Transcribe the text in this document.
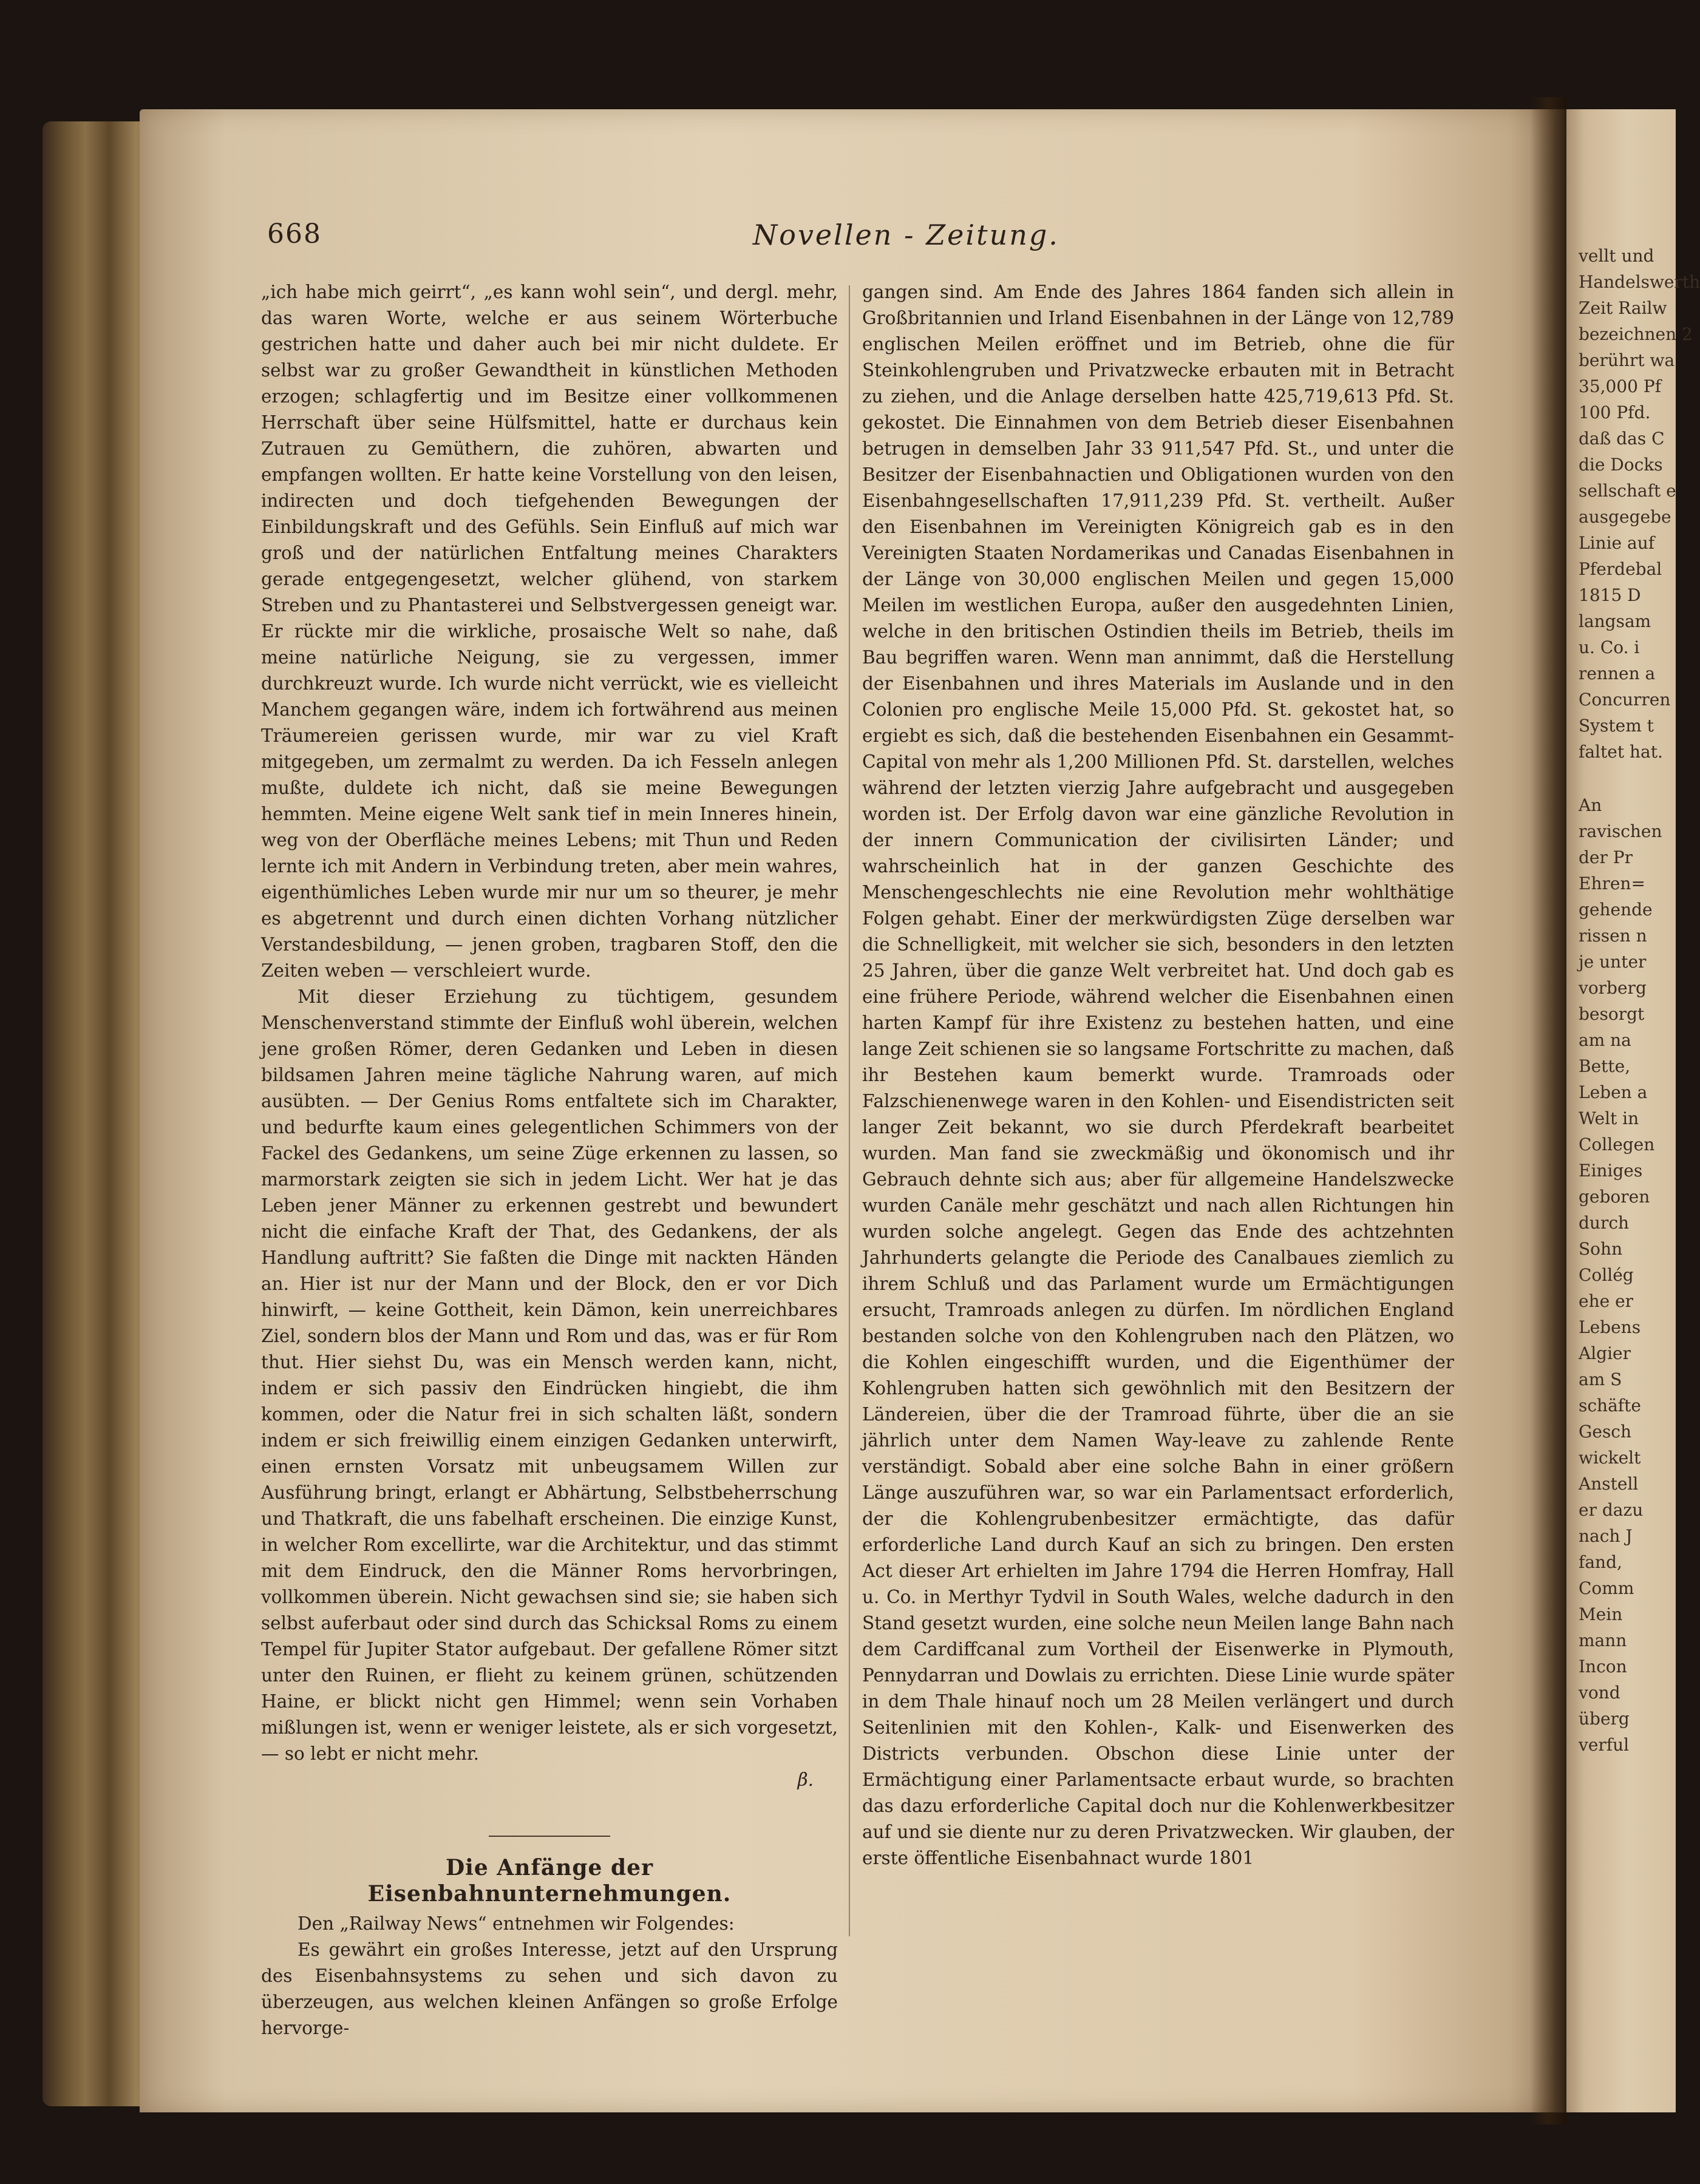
668	Novellen - Zeitung.

„ich habe mich geirrt“, „es kann wohl sein“, und dergl. mehr, das waren Worte, welche er aus seinem Wörterbuche gestrichen hatte und daher auch bei mir nicht duldete. Er selbst war zu großer Gewandtheit in künstlichen Methoden erzogen; schlagfertig und im Besitze einer vollkommenen Herrschaft über seine Hülfsmittel, hatte er durchaus kein Zutrauen zu Gemüthern, die zuhören, abwarten und empfangen wollten. Er hatte keine Vorstellung von den leisen, indirecten und doch tiefgehenden Bewegungen der Einbildungskraft und des Gefühls. Sein Einfluß auf mich war groß und der natürlichen Entfaltung meines Charakters gerade entgegengesetzt, welcher glühend, von starkem Streben und zu Phantasterei und Selbstvergessen geneigt war. Er rückte mir die wirkliche, prosaische Welt so nahe, daß meine natürliche Neigung, sie zu vergessen, immer durchkreuzt wurde. Ich wurde nicht verrückt, wie es vielleicht Manchem gegangen wäre, indem ich fortwährend aus meinen Träumereien gerissen wurde, mir war zu viel Kraft mitgegeben, um zermalmt zu werden. Da ich Fesseln anlegen mußte, duldete ich nicht, daß sie meine Bewegungen hemmten. Meine eigene Welt sank tief in mein Inneres hinein, weg von der Oberfläche meines Lebens; mit Thun und Reden lernte ich mit Andern in Verbindung treten, aber mein wahres, eigenthümliches Leben wurde mir nur um so theurer, je mehr es abgetrennt und durch einen dichten Vorhang nützlicher Verstandesbildung, — jenen groben, tragbaren Stoff, den die Zeiten weben — verschleiert wurde.

Mit dieser Erziehung zu tüchtigem, gesundem Menschenverstand stimmte der Einfluß wohl überein, welchen jene großen Römer, deren Gedanken und Leben in diesen bildsamen Jahren meine tägliche Nahrung waren, auf mich ausübten. — Der Genius Roms entfaltete sich im Charakter, und bedurfte kaum eines gelegentlichen Schimmers von der Fackel des Gedankens, um seine Züge erkennen zu lassen, so marmorstark zeigten sie sich in jedem Licht. Wer hat je das Leben jener Männer zu erkennen gestrebt und bewundert nicht die einfache Kraft der That, des Gedankens, der als Handlung auftritt? Sie faßten die Dinge mit nackten Händen an. Hier ist nur der Mann und der Block, den er vor Dich hinwirft, — keine Gottheit, kein Dämon, kein unerreichbares Ziel, sondern blos der Mann und Rom und das, was er für Rom thut. Hier siehst Du, was ein Mensch werden kann, nicht, indem er sich passiv den Eindrücken hingiebt, die ihm kommen, oder die Natur frei in sich schalten läßt, sondern indem er sich freiwillig einem einzigen Gedanken unterwirft, einen ernsten Vorsatz mit unbeugsamem Willen zur Ausführung bringt, erlangt er Abhärtung, Selbstbeherrschung und Thatkraft, die uns fabelhaft erscheinen. Die einzige Kunst, in welcher Rom excellirte, war die Architektur, und das stimmt mit dem Eindruck, den die Männer Roms hervorbringen, vollkommen überein. Nicht gewachsen sind sie; sie haben sich selbst auferbaut oder sind durch das Schicksal Roms zu einem Tempel für Jupiter Stator aufgebaut. Der gefallene Römer sitzt unter den Ruinen, er flieht zu keinem grünen, schützenden Haine, er blickt nicht gen Himmel; wenn sein Vorhaben mißlungen ist, wenn er weniger leistete, als er sich vorgesetzt, — so lebt er nicht mehr.

β.
Die Anfänge der Eisenbahnunternehmungen.

Den „Railway News“ entnehmen wir Folgendes:

Es gewährt ein großes Interesse, jetzt auf den Ursprung des Eisenbahnsystems zu sehen und sich davon zu überzeugen, aus welchen kleinen Anfängen so große Erfolge hervorge-

gangen sind. Am Ende des Jahres 1864 fanden sich allein in Großbritannien und Irland Eisenbahnen in der Länge von 12,789 englischen Meilen eröffnet und im Betrieb, ohne die für Steinkohlengruben und Privatzwecke erbauten mit in Betracht zu ziehen, und die Anlage derselben hatte 425,719,613 Pfd. St. gekostet. Die Einnahmen von dem Betrieb dieser Eisenbahnen betrugen in demselben Jahr 33 911,547 Pfd. St., und unter die Besitzer der Eisenbahnactien und Obligationen wurden von den Eisenbahngesellschaften 17,911,239 Pfd. St. vertheilt. Außer den Eisenbahnen im Vereinigten Königreich gab es in den Vereinigten Staaten Nordamerikas und Canadas Eisenbahnen in der Länge von 30,000 englischen Meilen und gegen 15,000 Meilen im westlichen Europa, außer den ausgedehnten Linien, welche in den britischen Ostindien theils im Betrieb, theils im Bau begriffen waren. Wenn man annimmt, daß die Herstellung der Eisenbahnen und ihres Materials im Auslande und in den Colonien pro englische Meile 15,000 Pfd. St. gekostet hat, so ergiebt es sich, daß die bestehenden Eisenbahnen ein Gesammt-Capital von mehr als 1,200 Millionen Pfd. St. darstellen, welches während der letzten vierzig Jahre aufgebracht und ausgegeben worden ist. Der Erfolg davon war eine gänzliche Revolution in der innern Communication der civilisirten Länder; und wahrscheinlich hat in der ganzen Geschichte des Menschengeschlechts nie eine Revolution mehr wohlthätige Folgen gehabt. Einer der merkwürdigsten Züge derselben war die Schnelligkeit, mit welcher sie sich, besonders in den letzten 25 Jahren, über die ganze Welt verbreitet hat. Und doch gab es eine frühere Periode, während welcher die Eisenbahnen einen harten Kampf für ihre Existenz zu bestehen hatten, und eine lange Zeit schienen sie so langsame Fortschritte zu machen, daß ihr Bestehen kaum bemerkt wurde. Tramroads oder Falzschienenwege waren in den Kohlen- und Eisendistricten seit langer Zeit bekannt, wo sie durch Pferdekraft bearbeitet wurden. Man fand sie zweckmäßig und ökonomisch und ihr Gebrauch dehnte sich aus; aber für allgemeine Handelszwecke wurden Canäle mehr geschätzt und nach allen Richtungen hin wurden solche angelegt. Gegen das Ende des achtzehnten Jahrhunderts gelangte die Periode des Canalbaues ziemlich zu ihrem Schluß und das Parlament wurde um Ermächtigungen ersucht, Tramroads anlegen zu dürfen. Im nördlichen England bestanden solche von den Kohlengruben nach den Plätzen, wo die Kohlen eingeschifft wurden, und die Eigenthümer der Kohlengruben hatten sich gewöhnlich mit den Besitzern der Ländereien, über die der Tramroad führte, über die an sie jährlich unter dem Namen Way-leave zu zahlende Rente verständigt. Sobald aber eine solche Bahn in einer größern Länge auszuführen war, so war ein Parlamentsact erforderlich, der die Kohlengrubenbesitzer ermächtigte, das dafür erforderliche Land durch Kauf an sich zu bringen. Den ersten Act dieser Art erhielten im Jahre 1794 die Herren Homfray, Hall u. Co. in Merthyr Tydvil in South Wales, welche dadurch in den Stand gesetzt wurden, eine solche neun Meilen lange Bahn nach dem Cardiffcanal zum Vortheil der Eisenwerke in Plymouth, Pennydarran und Dowlais zu errichten. Diese Linie wurde später in dem Thale hinauf noch um 28 Meilen verlängert und durch Seitenlinien mit den Kohlen-, Kalk- und Eisenwerken des Districts verbunden. Obschon diese Linie unter der Ermächtigung einer Parlamentsacte erbaut wurde, so brachten das dazu erforderliche Capital doch nur die Kohlenwerkbesitzer auf und sie diente nur zu deren Privatzwecken. Wir glauben, der erste öffentliche Eisenbahnact wurde 1801

vellt und
Handelswerth
Zeit Railw
bezeichnen 2
berührt wa
35,000 Pf
100 Pfd.
daß das C
die Docks
sellschaft e
ausgegebe
Linie auf
Pferdebal
1815 D
langsam
u. Co. i
rennen a
Concurren
System t
faltet hat.
An
ravischen
der Pr
Ehren=
gehende
rissen n
je unter
vorberg
besorgt
am na
Bette,
Leben a
Welt in
Collegen
Einiges
geboren
durch
Sohn
Collég
ehe er
Lebens
Algier
am S
schäfte
Gesch
wickelt
Anstell
er dazu
nach J
fand,
Comm
Mein
mann
Incon
vond
überg
verful
